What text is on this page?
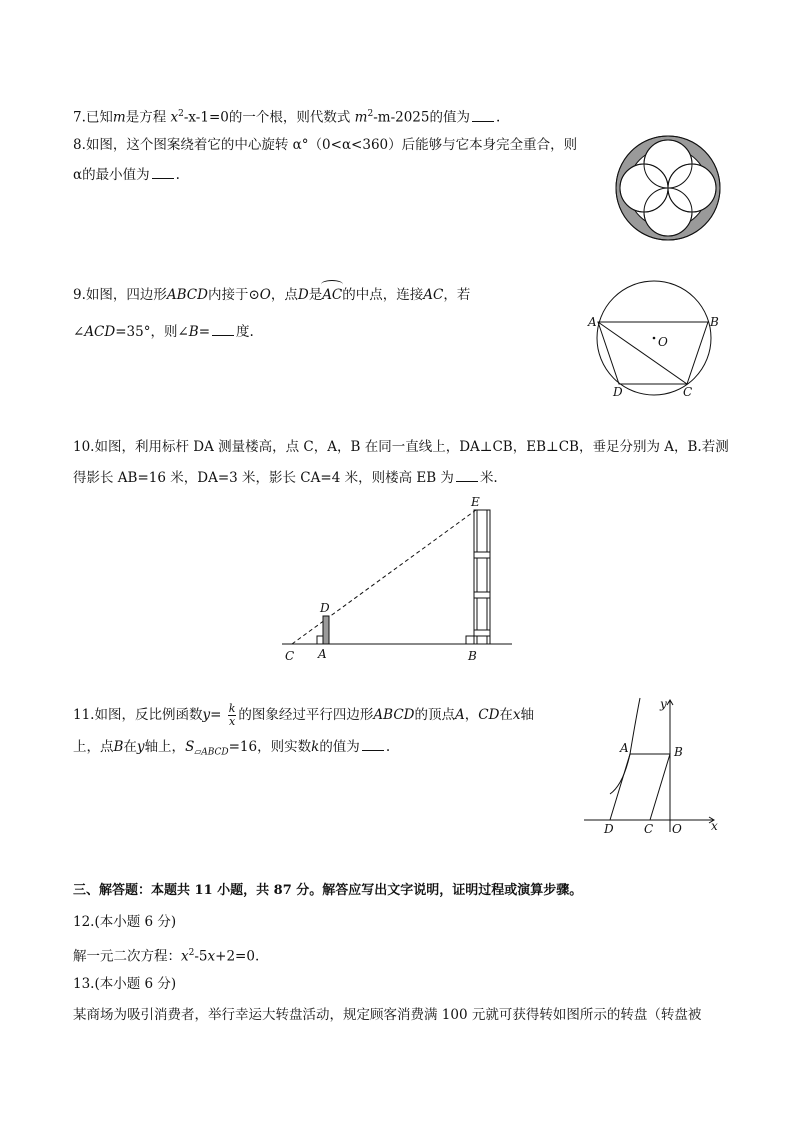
7.已知m是方程 $x^2-x-1=0$的一个根，则代数式 $m^2-m-2025$的值为 .
8.如图，这个图案绕着它的中心旋转 α°（0<α<360）后能够与它本身完全重合，则
α的最小值为 .
9.如图，四边形ABCD内接于⊙O，点D是AC的中点，连接AC，若
∠ACD=35°，则∠B= 度.
A	B
C
D
O
10.如图，利用标杆 DA 测量楼高，点 C，A，B 在同一直线上，DA⊥CB，EB⊥CB，垂足分别为 A，B.若测
得影长 AB=16 米，DA=3 米，影长 CA=4 米，则楼高 EB 为 米.
C A	B
D
E
11.如图，反比例函数$y= \frac{k}{x}$ 的图象经过平行四边形ABCD的顶点A，CD在x轴
上，点B在y轴上，$S_{▱ABCD}=16$，则实数k的值为 .	A	B
C
D	O x
y
三、解答题：本题共 11 小题，共 87 分。解答应写出文字说明，证明过程或演算步骤。
12.(本小题 6 分)
解一元二次方程：$x^2-5x+2=0$.
13.(本小题 6 分)
某商场为吸引消费者，举行幸运大转盘活动，规定顾客消费满 100 元就可获得转如图所示的转盘（转盘被
